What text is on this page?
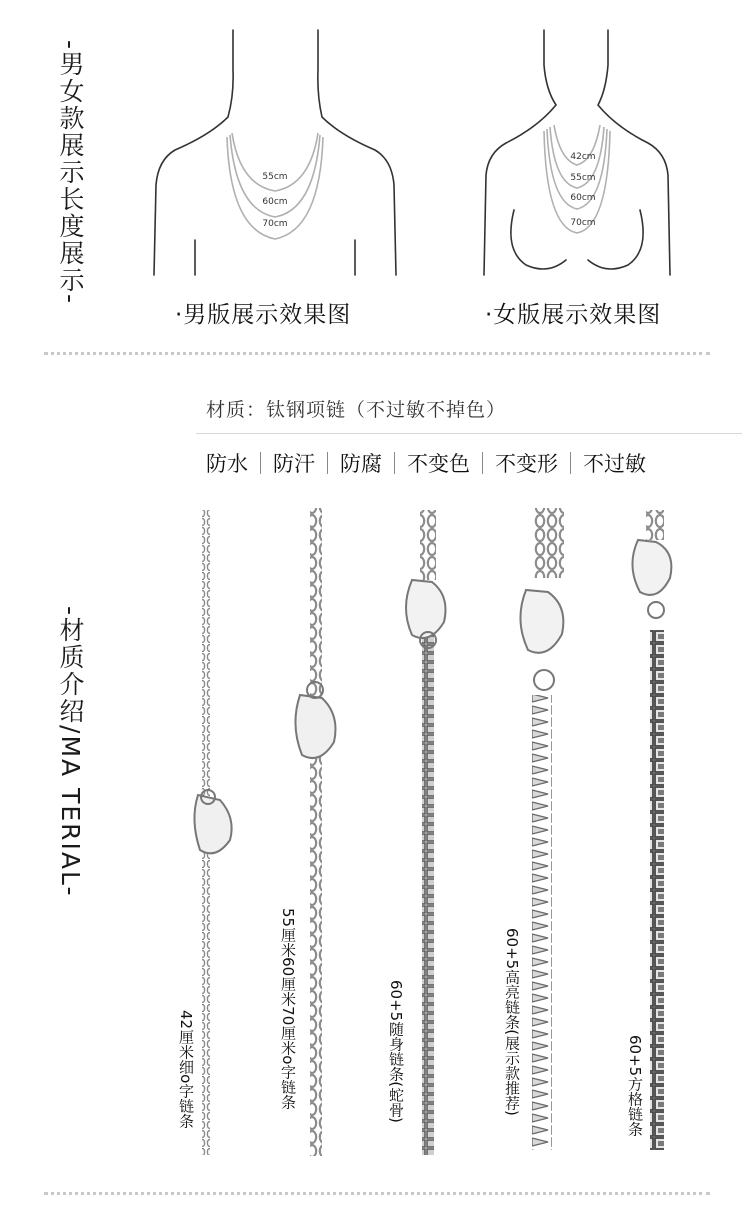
-男女款展示长度展示-
-材质介绍/MA TERIAL-
55cm
60cm
70cm
·男版展示效果图
42cm
55cm
60cm
70cm
·女版展示效果图
材质：钛钢项链（不过敏不掉色）
防水 防汗 防腐 不变色 不变形 不过敏
42厘米细o字链条	55厘米60厘米70厘米o字链条	60+5随身链条(蛇骨)	60+5高亮链条(展示款推荐)	60+5方格链条
